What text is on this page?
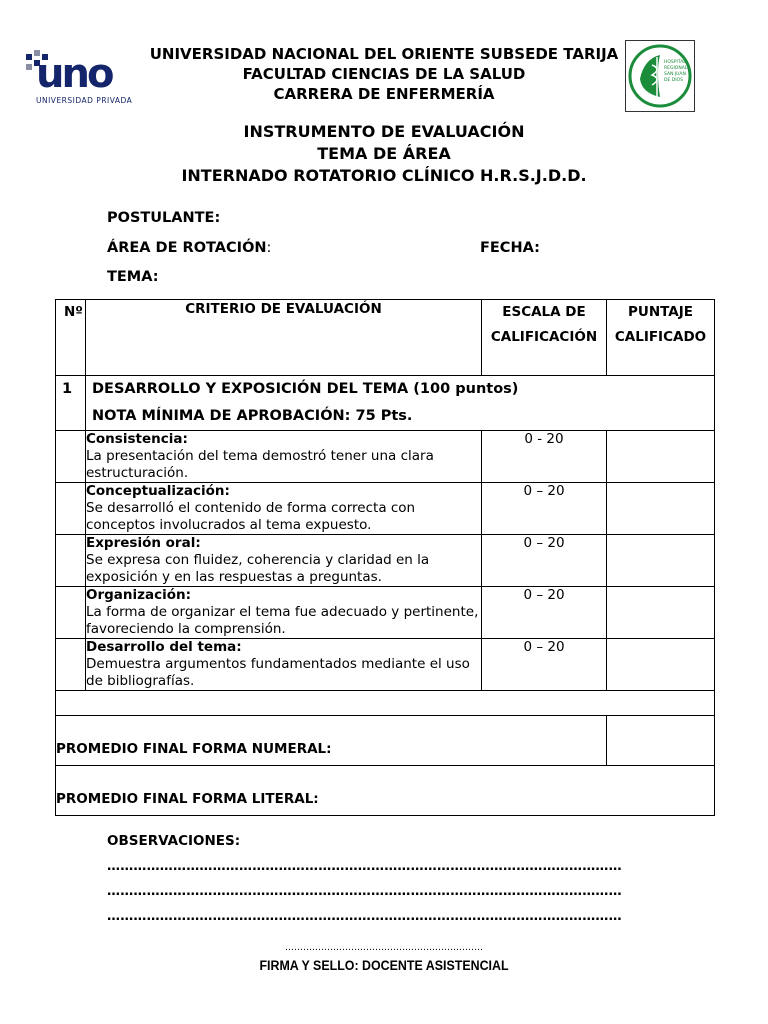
uno
UNIVERSIDAD PRIVADA
UNIVERSIDAD NACIONAL DEL ORIENTE SUBSEDE TARIJA
FACULTAD CIENCIAS DE LA SALUD
CARRERA DE ENFERMERÍA
HOSPITAL
REGIONAL
SAN JUAN
DE DIOS
INSTRUMENTO DE EVALUACIÓN
TEMA DE ÁREA
INTERNADO ROTATORIO CLÍNICO H.R.S.J.D.D.
POSTULANTE:
ÁREA DE ROTACIÓN:	FECHA:
TEMA:
Nº	CRITERIO DE EVALUACIÓN	ESCALA DE CALIFICACIÓN	PUNTAJE CALIFICADO
1	DESARROLLO Y EXPOSICIÓN DEL TEMA (100 puntos)
NOTA MÍNIMA DE APROBACIÓN: 75 Pts.		

	Consistencia:
La presentación del tema demostró tener una clara estructuración.	0 - 20	

	Conceptualización:
Se desarrolló el contenido de forma correcta con conceptos involucrados al tema expuesto.	0 – 20	

	Expresión oral:
Se expresa con fluidez, coherencia y claridad en la exposición y en las respuestas a preguntas.	0 – 20	

	Organización:
La forma de organizar el tema fue adecuado y pertinente, favoreciendo la comprensión.	0 – 20	

	Desarrollo del tema:
Demuestra argumentos fundamentados mediante el uso de bibliografías.	0 – 20	

PROMEDIO FINAL FORMA NUMERAL:			
PROMEDIO FINAL FORMA LITERAL:			
OBSERVACIONES:
………………………………………………………………………………………………………
………………………………………………………………………………………………………
………………………………………………………………………………………………………
…………………………………………………………
FIRMA Y SELLO: DOCENTE ASISTENCIAL
